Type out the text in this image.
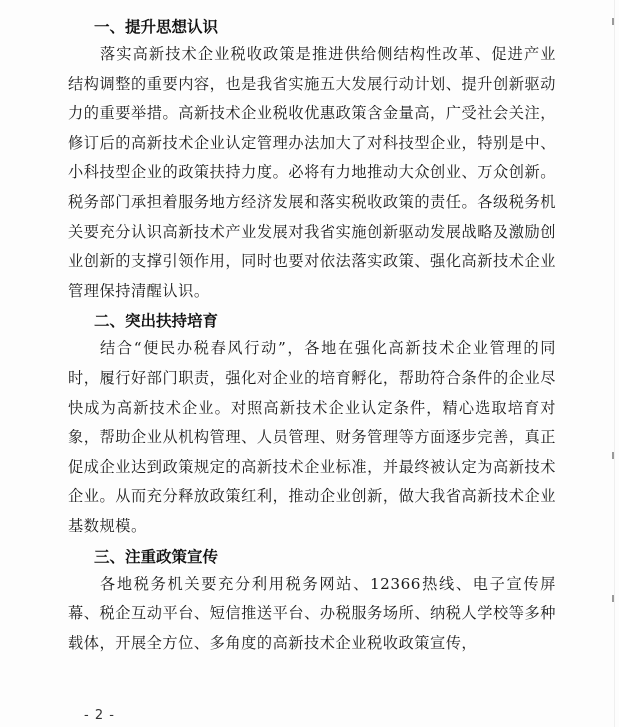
一、提升思想认识

落实高新技术企业税收政策是推进供给侧结构性改革、促进产业结构调整的重要内容，也是我省实施五大发展行动计划、提升创新驱动力的重要举措。高新技术企业税收优惠政策含金量高，广受社会关注，修订后的高新技术企业认定管理办法加大了对科技型企业，特别是中、小科技型企业的政策扶持力度。必将有力地推动大众创业、万众创新。税务部门承担着服务地方经济发展和落实税收政策的责任。各级税务机关要充分认识高新技术产业发展对我省实施创新驱动发展战略及激励创业创新的支撑引领作用，同时也要对依法落实政策、强化高新技术企业管理保持清醒认识。

二、突出扶持培育

结合“便民办税春风行动”，各地在强化高新技术企业管理的同时，履行好部门职责，强化对企业的培育孵化，帮助符合条件的企业尽快成为高新技术企业。对照高新技术企业认定条件，精心选取培育对象，帮助企业从机构管理、人员管理、财务管理等方面逐步完善，真正促成企业达到政策规定的高新技术企业标准，并最终被认定为高新技术企业。从而充分释放政策红利，推动企业创新，做大我省高新技术企业基数规模。

三、注重政策宣传

各地税务机关要充分利用税务网站、12366热线、电子宣传屏幕、税企互动平台、短信推送平台、办税服务场所、纳税人学校等多种载体，开展全方位、多角度的高新技术企业税收政策宣传，

- 2 -
